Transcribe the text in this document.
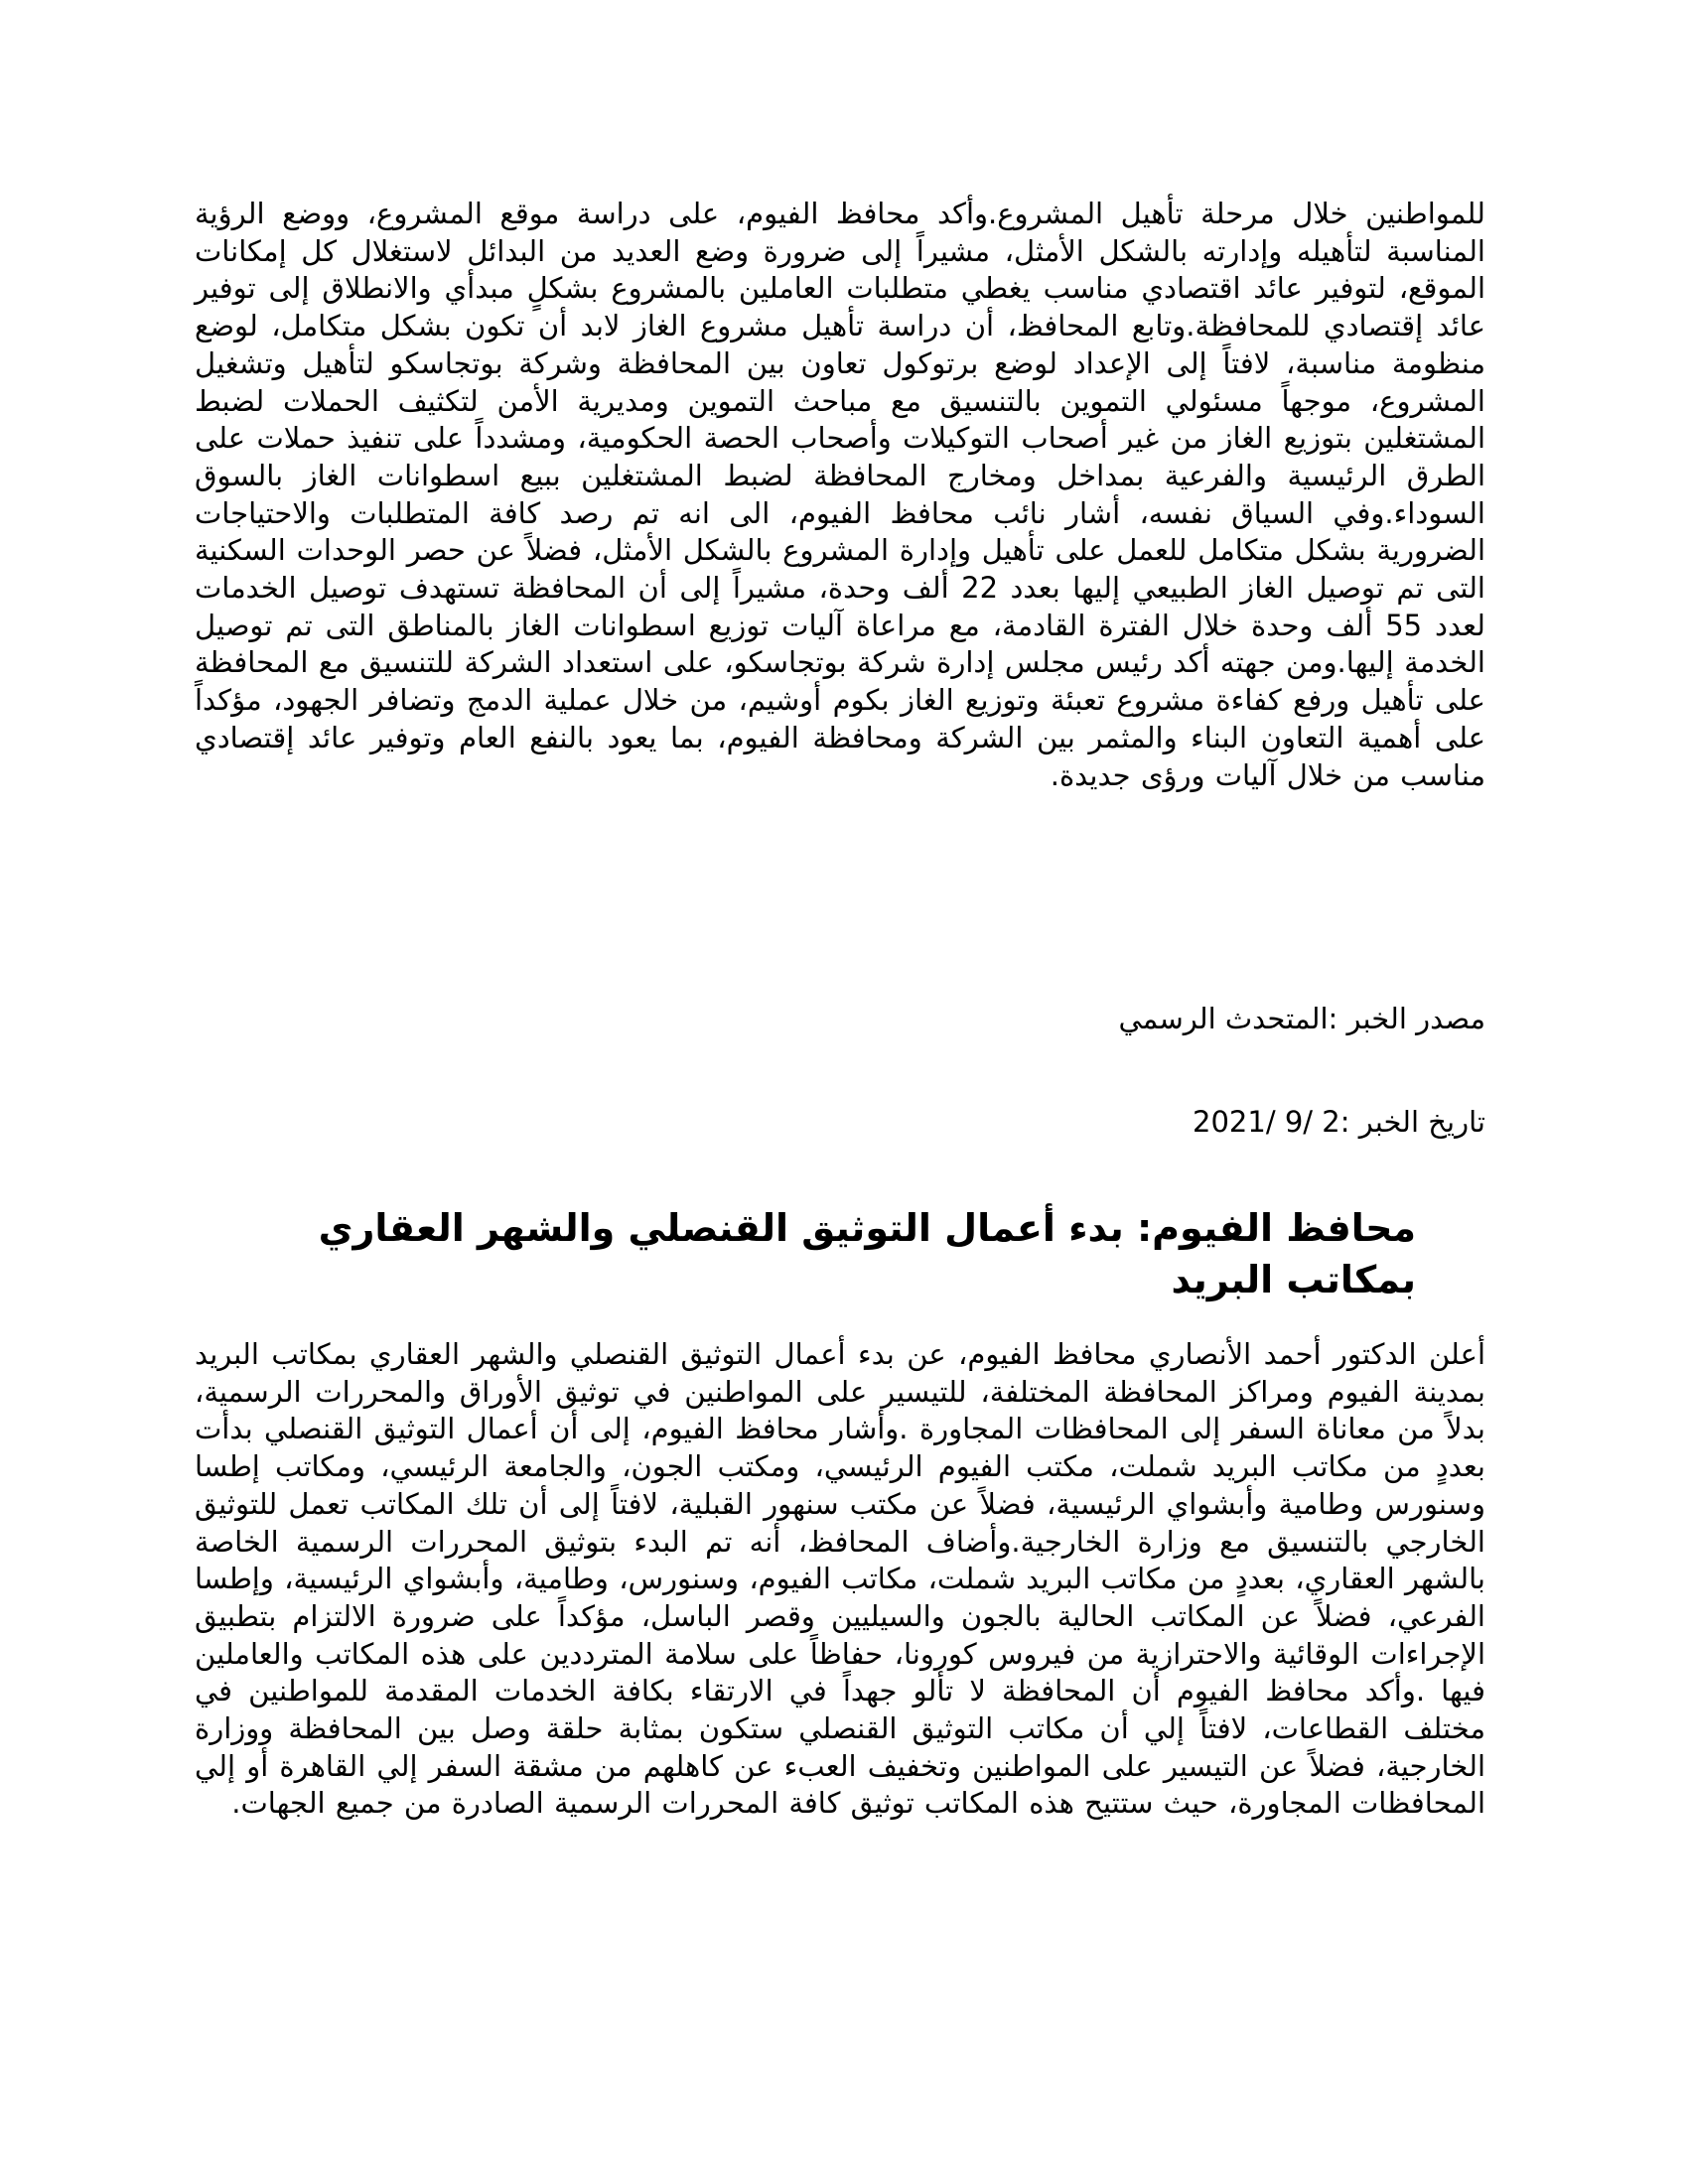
للمواطنين خلال مرحلة تأهيل المشروع.وأكد محافظ الفيوم، على دراسة موقع المشروع، ووضع الرؤية المناسبة لتأهيله وإدارته بالشكل الأمثل، مشيراً إلى ضرورة وضع العديد من البدائل لاستغلال كل إمكانات الموقع، لتوفير عائد اقتصادي مناسب يغطي متطلبات العاملين بالمشروع بشكلٍ مبدأي والانطلاق إلى توفير عائد إقتصادي للمحافظة.وتابع المحافظ، أن دراسة تأهيل مشروع الغاز لابد أن تكون بشكل متكامل، لوضع منظومة مناسبة، لافتاً إلى الإعداد لوضع برتوكول تعاون بين المحافظة وشركة بوتجاسكو لتأهيل وتشغيل المشروع، موجهاً مسئولي التموين بالتنسيق مع مباحث التموين ومديرية الأمن لتكثيف الحملات لضبط المشتغلين بتوزيع الغاز من غير أصحاب التوكيلات وأصحاب الحصة الحكومية، ومشدداً على تنفيذ حملات على الطرق الرئيسية والفرعية بمداخل ومخارج المحافظة لضبط المشتغلين ببيع اسطوانات الغاز بالسوق السوداء.وفي السياق نفسه، أشار نائب محافظ الفيوم، الى انه تم رصد كافة المتطلبات والاحتياجات الضرورية بشكل متكامل للعمل على تأهيل وإدارة المشروع بالشكل الأمثل، فضلاً عن حصر الوحدات السكنية التى تم توصيل الغاز الطبيعي إليها بعدد 22 ألف وحدة، مشيراً إلى أن المحافظة تستهدف توصيل الخدمات لعدد 55 ألف وحدة خلال الفترة القادمة، مع مراعاة آليات توزيع اسطوانات الغاز بالمناطق التى تم توصيل الخدمة إليها.ومن جهته أكد رئيس مجلس إدارة شركة بوتجاسكو، على استعداد الشركة للتنسيق مع المحافظة على تأهيل ورفع كفاءة مشروع تعبئة وتوزيع الغاز بكوم أوشيم، من خلال عملية الدمج وتضافر الجهود، مؤكداً على أهمية التعاون البناء والمثمر بين الشركة ومحافظة الفيوم، بما يعود بالنفع العام وتوفير عائد إقتصادي مناسب من خلال آليات ورؤى جديدة.

مصدر الخبر :المتحدث الرسمي

تاريخ الخبر :2 /9 /2021

محافظ الفيوم: بدء أعمال التوثيق القنصلي والشهر العقاري بمكاتب البريد

أعلن الدكتور أحمد الأنصاري محافظ الفيوم، عن بدء أعمال التوثيق القنصلي والشهر العقاري بمكاتب البريد بمدينة الفيوم ومراكز المحافظة المختلفة، للتيسير على المواطنين في توثيق الأوراق والمحررات الرسمية، بدلاً من معاناة السفر إلى المحافظات المجاورة .وأشار محافظ الفيوم، إلى أن أعمال التوثيق القنصلي بدأت بعددٍ من مكاتب البريد شملت، مكتب الفيوم الرئيسي، ومكتب الجون، والجامعة الرئيسي، ومكاتب إطسا وسنورس وطامية وأبشواي الرئيسية، فضلاً عن مكتب سنهور القبلية، لافتاً إلى أن تلك المكاتب تعمل للتوثيق الخارجي بالتنسيق مع وزارة الخارجية.وأضاف المحافظ، أنه تم البدء بتوثيق المحررات الرسمية الخاصة بالشهر العقاري، بعددٍ من مكاتب البريد شملت، مكاتب الفيوم، وسنورس، وطامية، وأبشواي الرئيسية، وإطسا الفرعي، فضلاً عن المكاتب الحالية بالجون والسيليين وقصر الباسل، مؤكداً على ضرورة الالتزام بتطبيق الإجراءات الوقائية والاحترازية من فيروس كورونا، حفاظاً على سلامة المترددين على هذه المكاتب والعاملين فيها .وأكد محافظ الفيوم أن المحافظة لا تألو جهداً في الارتقاء بكافة الخدمات المقدمة للمواطنين في مختلف القطاعات، لافتاً إلي أن مكاتب التوثيق القنصلي ستكون بمثابة حلقة وصل بين المحافظة ووزارة الخارجية، فضلاً عن التيسير على المواطنين وتخفيف العبء عن كاهلهم من مشقة السفر إلي القاهرة أو إلي المحافظات المجاورة، حيث ستتيح هذه المكاتب توثيق كافة المحررات الرسمية الصادرة من جميع الجهات.
